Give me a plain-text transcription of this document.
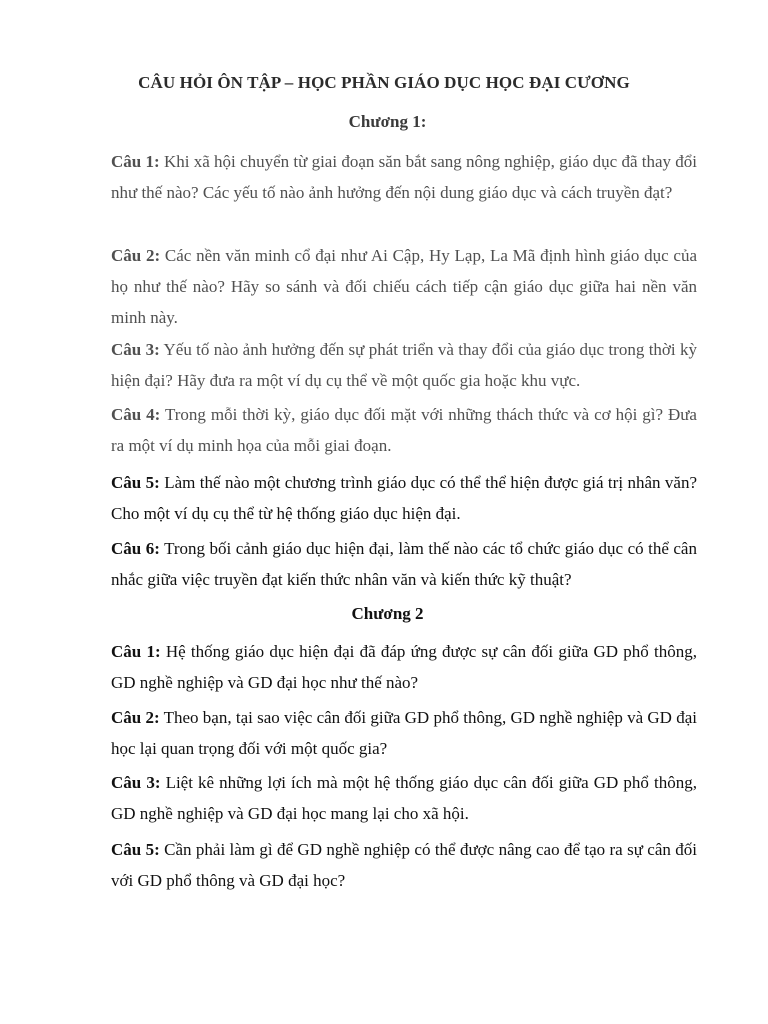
CÂU HỎI ÔN TẬP – HỌC PHẦN GIÁO DỤC HỌC ĐẠI CƯƠNG
Chương 1:
Câu 1: Khi xã hội chuyển từ giai đoạn săn bắt sang nông nghiệp, giáo dục đã thay đổi như thế nào? Các yếu tố nào ảnh hưởng đến nội dung giáo dục và cách truyền đạt?
Câu 2: Các nền văn minh cổ đại như Ai Cập, Hy Lạp, La Mã định hình giáo dục của họ như thế nào? Hãy so sánh và đối chiếu cách tiếp cận giáo dục giữa hai nền văn minh này.
Câu 3: Yếu tố nào ảnh hưởng đến sự phát triển và thay đổi của giáo dục trong thời kỳ hiện đại? Hãy đưa ra một ví dụ cụ thể về một quốc gia hoặc khu vực.
Câu 4: Trong mỗi thời kỳ, giáo dục đối mặt với những thách thức và cơ hội gì? Đưa ra một ví dụ minh họa của mỗi giai đoạn.
Câu 5: Làm thế nào một chương trình giáo dục có thể thể hiện được giá trị nhân văn? Cho một ví dụ cụ thể từ hệ thống giáo dục hiện đại.
Câu 6: Trong bối cảnh giáo dục hiện đại, làm thế nào các tổ chức giáo dục có thể cân nhắc giữa việc truyền đạt kiến thức nhân văn và kiến thức kỹ thuật?
Chương 2
Câu 1: Hệ thống giáo dục hiện đại đã đáp ứng được sự cân đối giữa GD phổ thông, GD nghề nghiệp và GD đại học như thế nào?
Câu 2: Theo bạn, tại sao việc cân đối giữa GD phổ thông, GD nghề nghiệp và GD đại học lại quan trọng đối với một quốc gia?
Câu 3: Liệt kê những lợi ích mà một hệ thống giáo dục cân đối giữa GD phổ thông, GD nghề nghiệp và GD đại học mang lại cho xã hội.
Câu 5: Cần phải làm gì để GD nghề nghiệp có thể được nâng cao để tạo ra sự cân đối với GD phổ thông và GD đại học?
